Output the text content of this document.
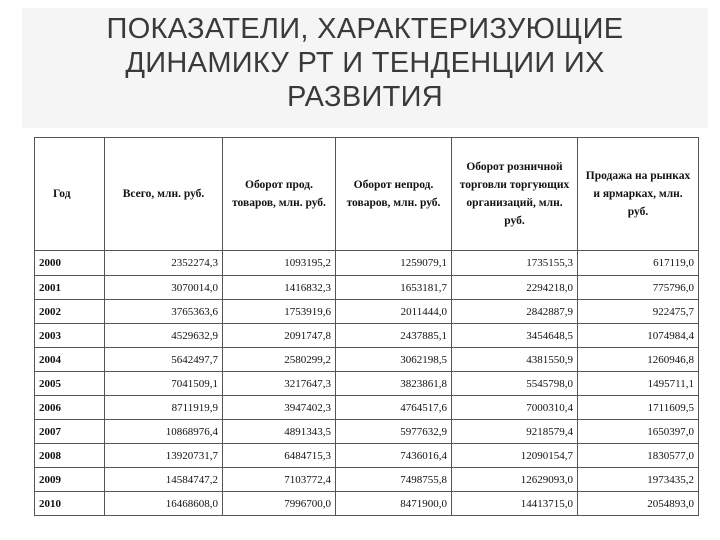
ПОКАЗАТЕЛИ, ХАРАКТЕРИЗУЮЩИЕ
ДИНАМИКУ РТ И ТЕНДЕНЦИИ ИХ
РАЗВИТИЯ
Год	Всего, млн. руб.	Оборот прод. товаров, млн. руб.	Оборот непрод. товаров, млн. руб.	Оборот розничной торговли торгующих организаций, млн. руб.	Продажа на рынках и ярмарках, млн. руб.
2000	2352274,3	1093195,2	1259079,1	1735155,3	617119,0
2001	3070014,0	1416832,3	1653181,7	2294218,0	775796,0
2002	3765363,6	1753919,6	2011444,0	2842887,9	922475,7
2003	4529632,9	2091747,8	2437885,1	3454648,5	1074984,4
2004	5642497,7	2580299,2	3062198,5	4381550,9	1260946,8
2005	7041509,1	3217647,3	3823861,8	5545798,0	1495711,1
2006	8711919,9	3947402,3	4764517,6	7000310,4	1711609,5
2007	10868976,4	4891343,5	5977632,9	9218579,4	1650397,0
2008	13920731,7	6484715,3	7436016,4	12090154,7	1830577,0
2009	14584747,2	7103772,4	7498755,8	12629093,0	1973435,2
2010	16468608,0	7996700,0	8471900,0	14413715,0	2054893,0
